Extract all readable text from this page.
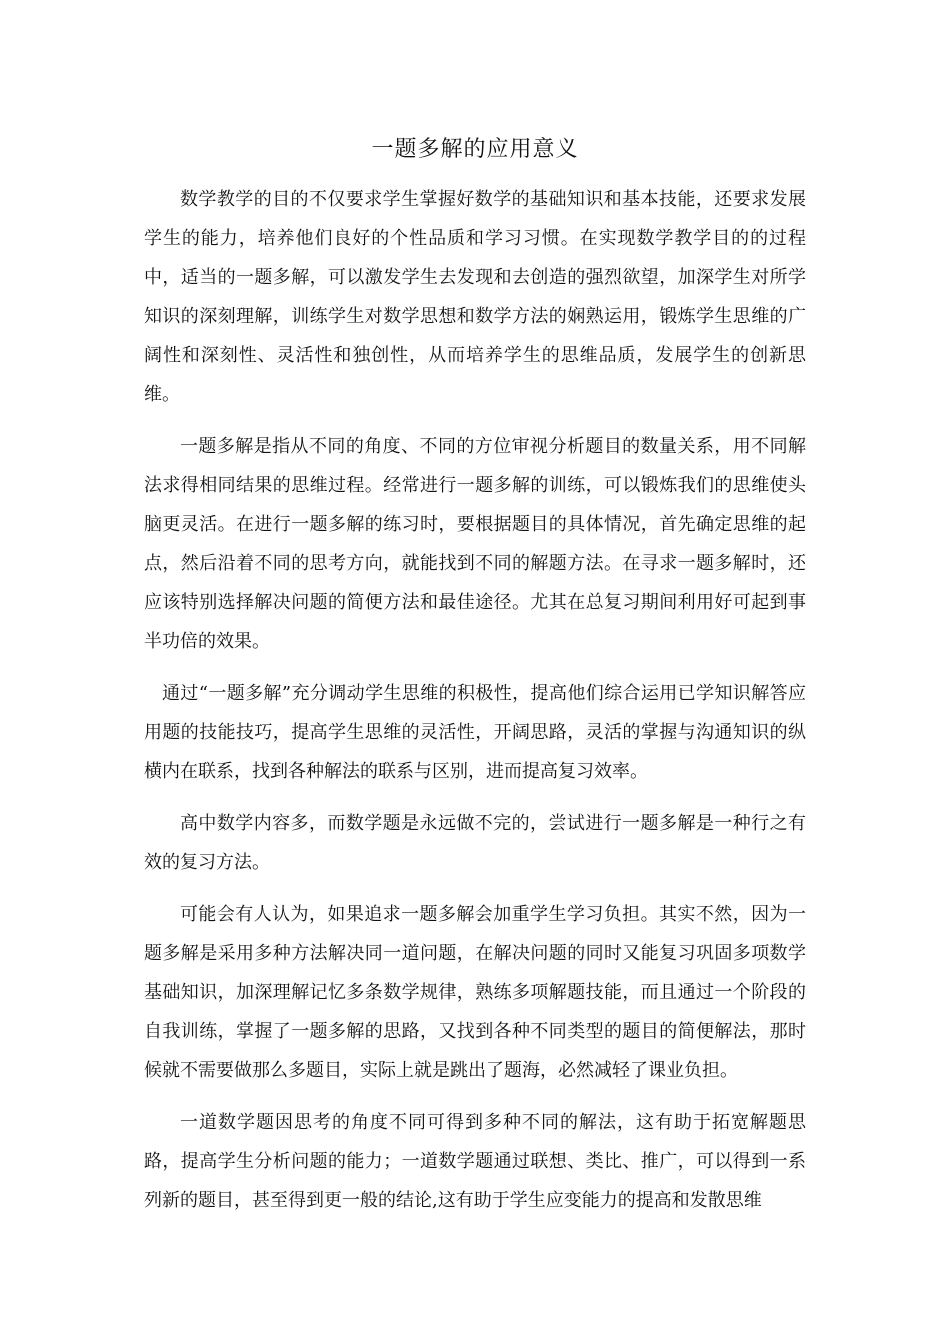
一题多解的应用意义

数学教学的目的不仅要求学生掌握好数学的基础知识和基本技能，还要求发展学生的能力，培养他们良好的个性品质和学习习惯。在实现数学教学目的的过程中，适当的一题多解，可以激发学生去发现和去创造的强烈欲望，加深学生对所学知识的深刻理解，训练学生对数学思想和数学方法的娴熟运用，锻炼学生思维的广阔性和深刻性、灵活性和独创性，从而培养学生的思维品质，发展学生的创新思维。

一题多解是指从不同的角度、不同的方位审视分析题目的数量关系，用不同解法求得相同结果的思维过程。经常进行一题多解的训练，可以锻炼我们的思维使头脑更灵活。在进行一题多解的练习时，要根据题目的具体情况，首先确定思维的起点，然后沿着不同的思考方向，就能找到不同的解题方法。在寻求一题多解时，还应该特别选择解决问题的简便方法和最佳途径。尤其在总复习期间利用好可起到事半功倍的效果。

通过“一题多解”充分调动学生思维的积极性，提高他们综合运用已学知识解答应用题的技能技巧，提高学生思维的灵活性，开阔思路，灵活的掌握与沟通知识的纵横内在联系，找到各种解法的联系与区别，进而提高复习效率。

高中数学内容多，而数学题是永远做不完的，尝试进行一题多解是一种行之有效的复习方法。

可能会有人认为，如果追求一题多解会加重学生学习负担。其实不然，因为一题多解是采用多种方法解决同一道问题，在解决问题的同时又能复习巩固多项数学基础知识，加深理解记忆多条数学规律，熟练多项解题技能，而且通过一个阶段的自我训练，掌握了一题多解的思路，又找到各种不同类型的题目的简便解法，那时候就不需要做那么多题目，实际上就是跳出了题海，必然减轻了课业负担。

一道数学题因思考的角度不同可得到多种不同的解法，这有助于拓宽解题思路，提高学生分析问题的能力；一道数学题通过联想、类比、推广，可以得到一系列新的题目，甚至得到更一般的结论,这有助于学生应变能力的提高和发散思维
